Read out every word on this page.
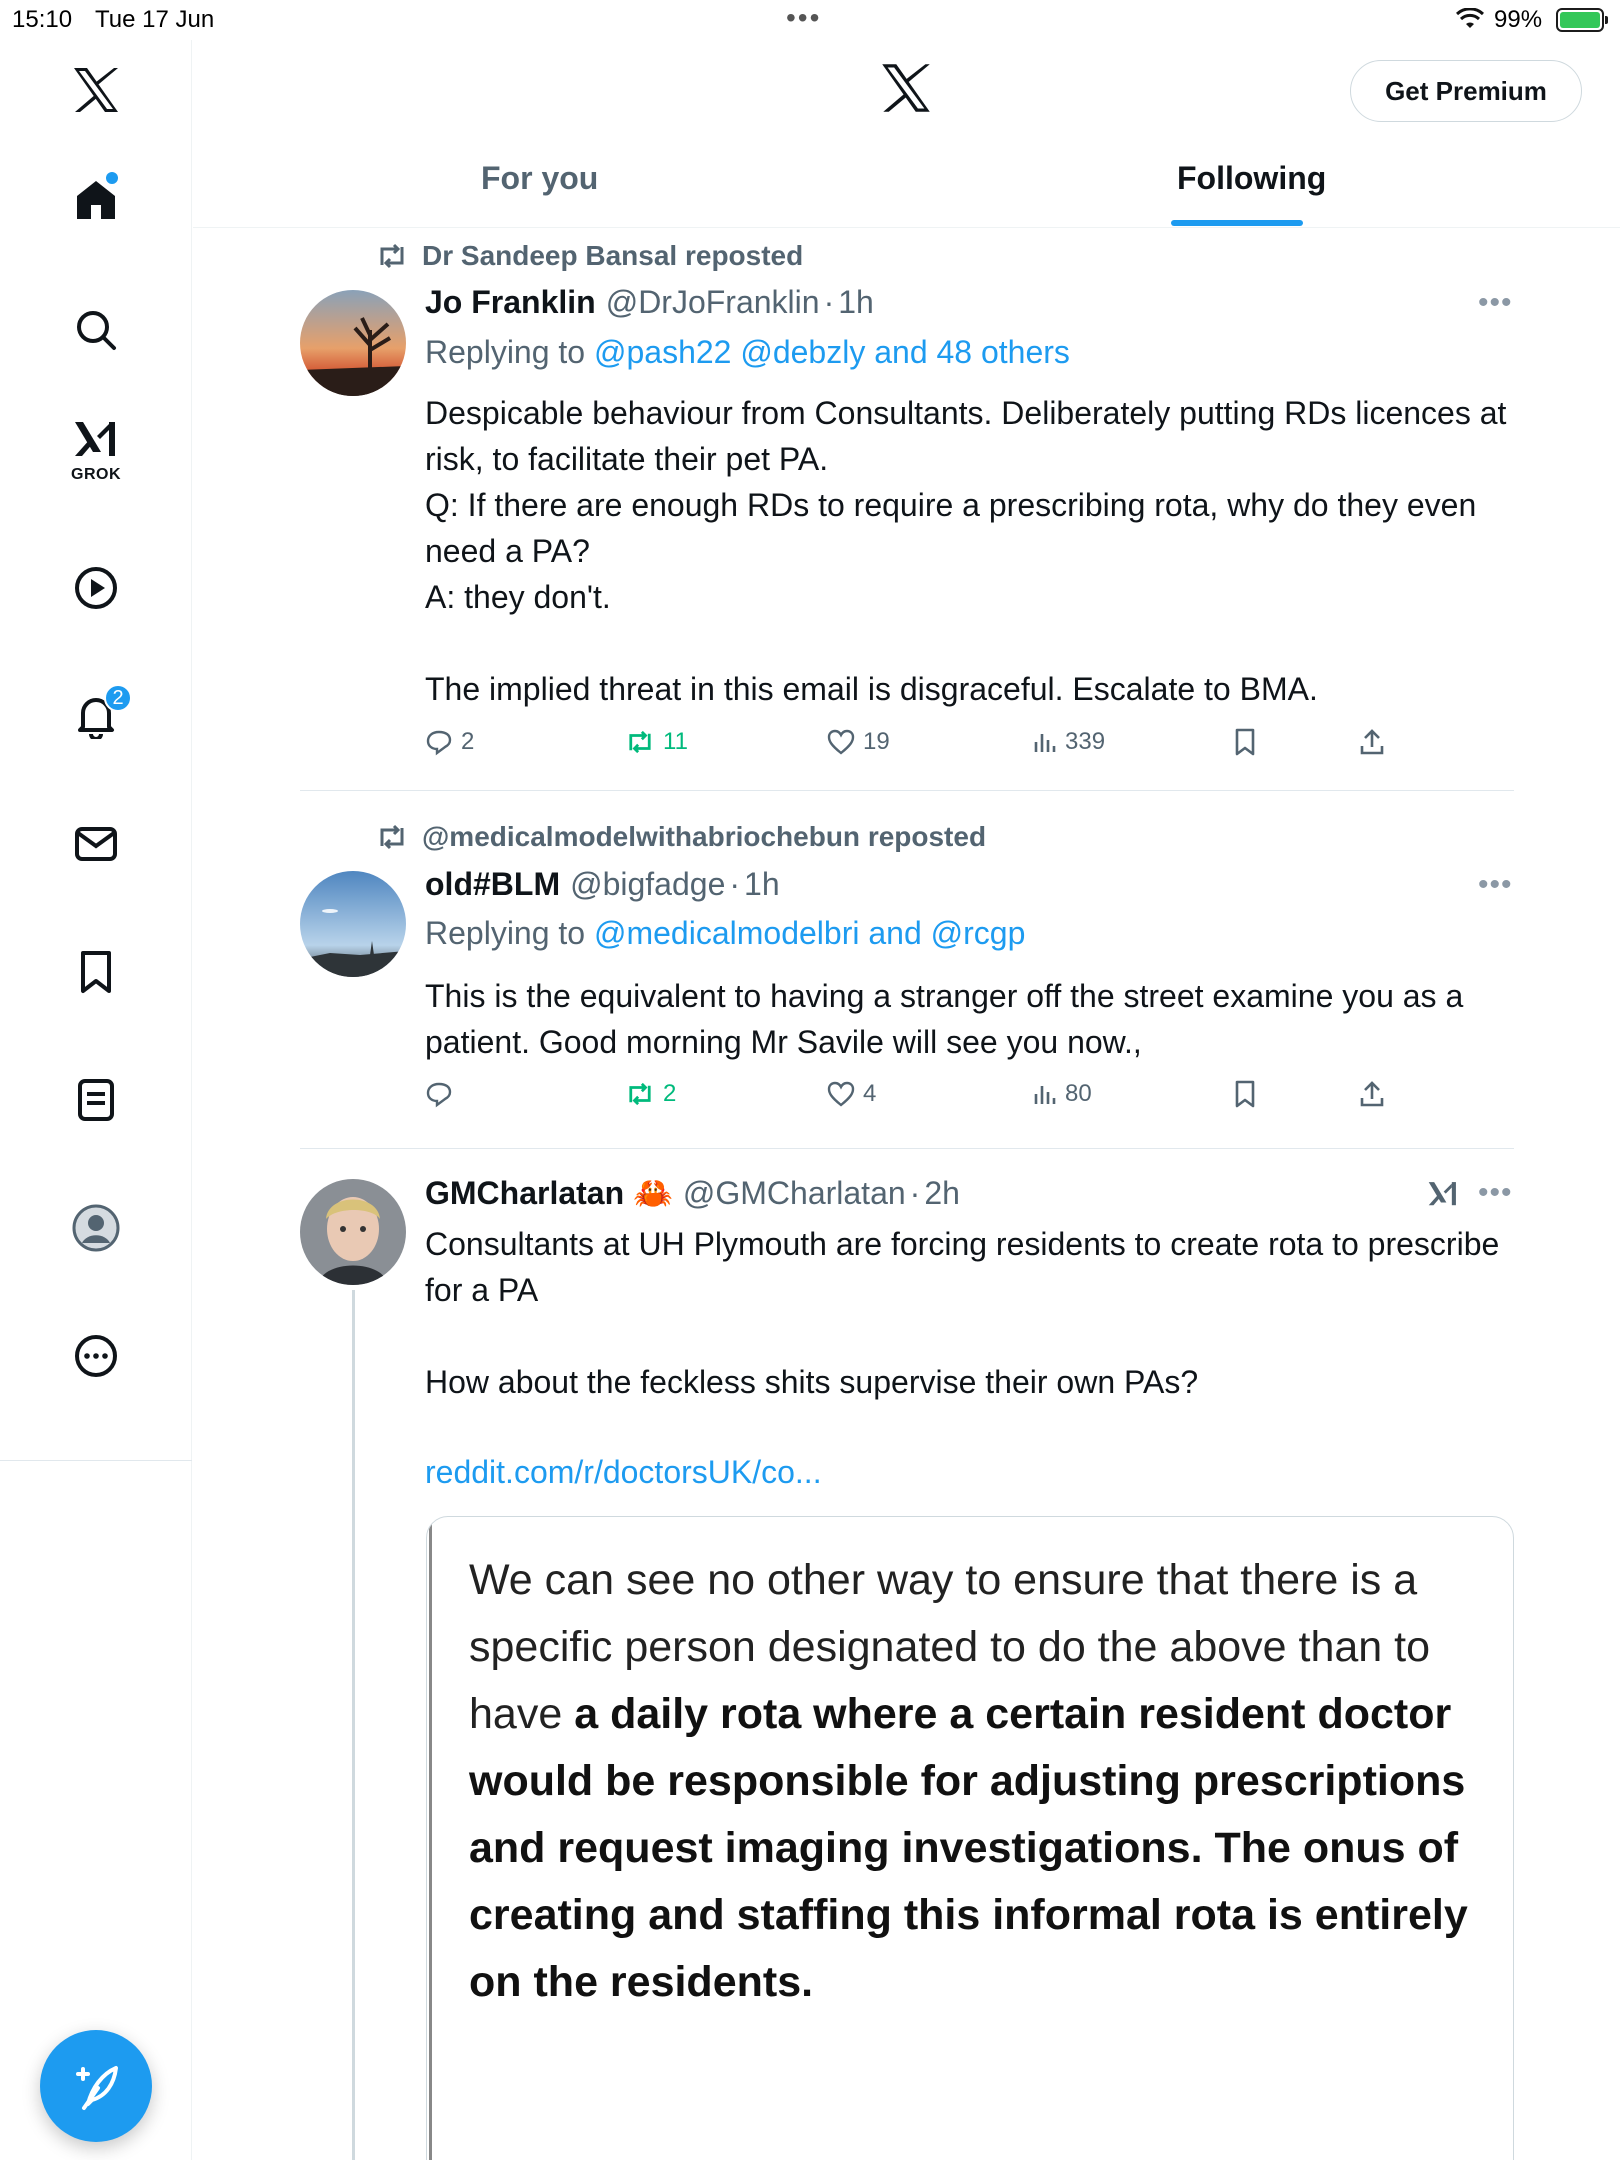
15:10 Tue 17 Jun	•••	99%
GROK
2
Get Premium
For you	Following
Dr Sandeep Bansal reposted
Jo Franklin @DrJoFranklin · 1h	•••
Replying to @pash22 @debzly and 48 others
Despicable behaviour from Consultants. Deliberately putting RDs licences at risk, to facilitate their pet PA.
Q: If there are enough RDs to require a prescribing rota, why do they even need a PA?
A: they don't.

The implied threat in this email is disgraceful. Escalate to BMA.
2	11	19	339
@medicalmodelwithabriochebun reposted
old#BLM @bigfadge · 1h	•••
Replying to @medicalmodelbri and @rcgp
This is the equivalent to having a stranger off the street examine you as a patient. Good morning Mr Savile will see you now.,
2	4	80
GMCharlatan 🦀 @GMCharlatan · 2h	•••
Consultants at UH Plymouth are forcing residents to create rota to prescribe for a PA

How about the feckless shits supervise their own PAs?
reddit.com/r/doctorsUK/co...
We can see no other way to ensure that there is a specific person designated to do the above than to have a daily rota where a certain resident doctor would be responsible for adjusting prescriptions and request imaging investigations. The onus of creating and staffing this informal rota is entirely on the residents.
